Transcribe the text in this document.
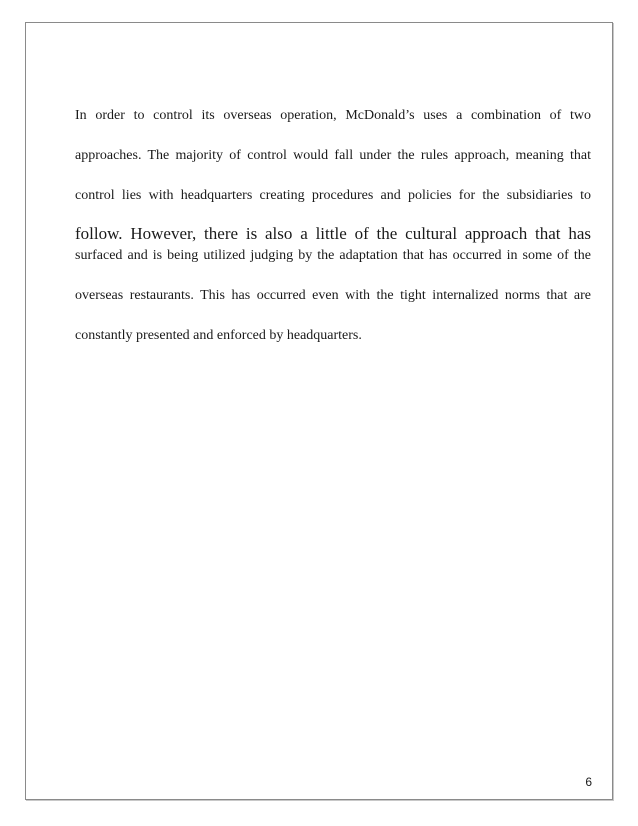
In order to control its overseas operation, McDonald’s uses a combination of two
approaches. The majority of control would fall under the rules approach, meaning that
control lies with headquarters creating procedures and policies for the subsidiaries to
follow. However, there is also a little of the cultural approach that has
surfaced and is being utilized judging by the adaptation that has occurred in some of the
overseas restaurants. This has occurred even with the tight internalized norms that are
constantly presented and enforced by headquarters.
6
